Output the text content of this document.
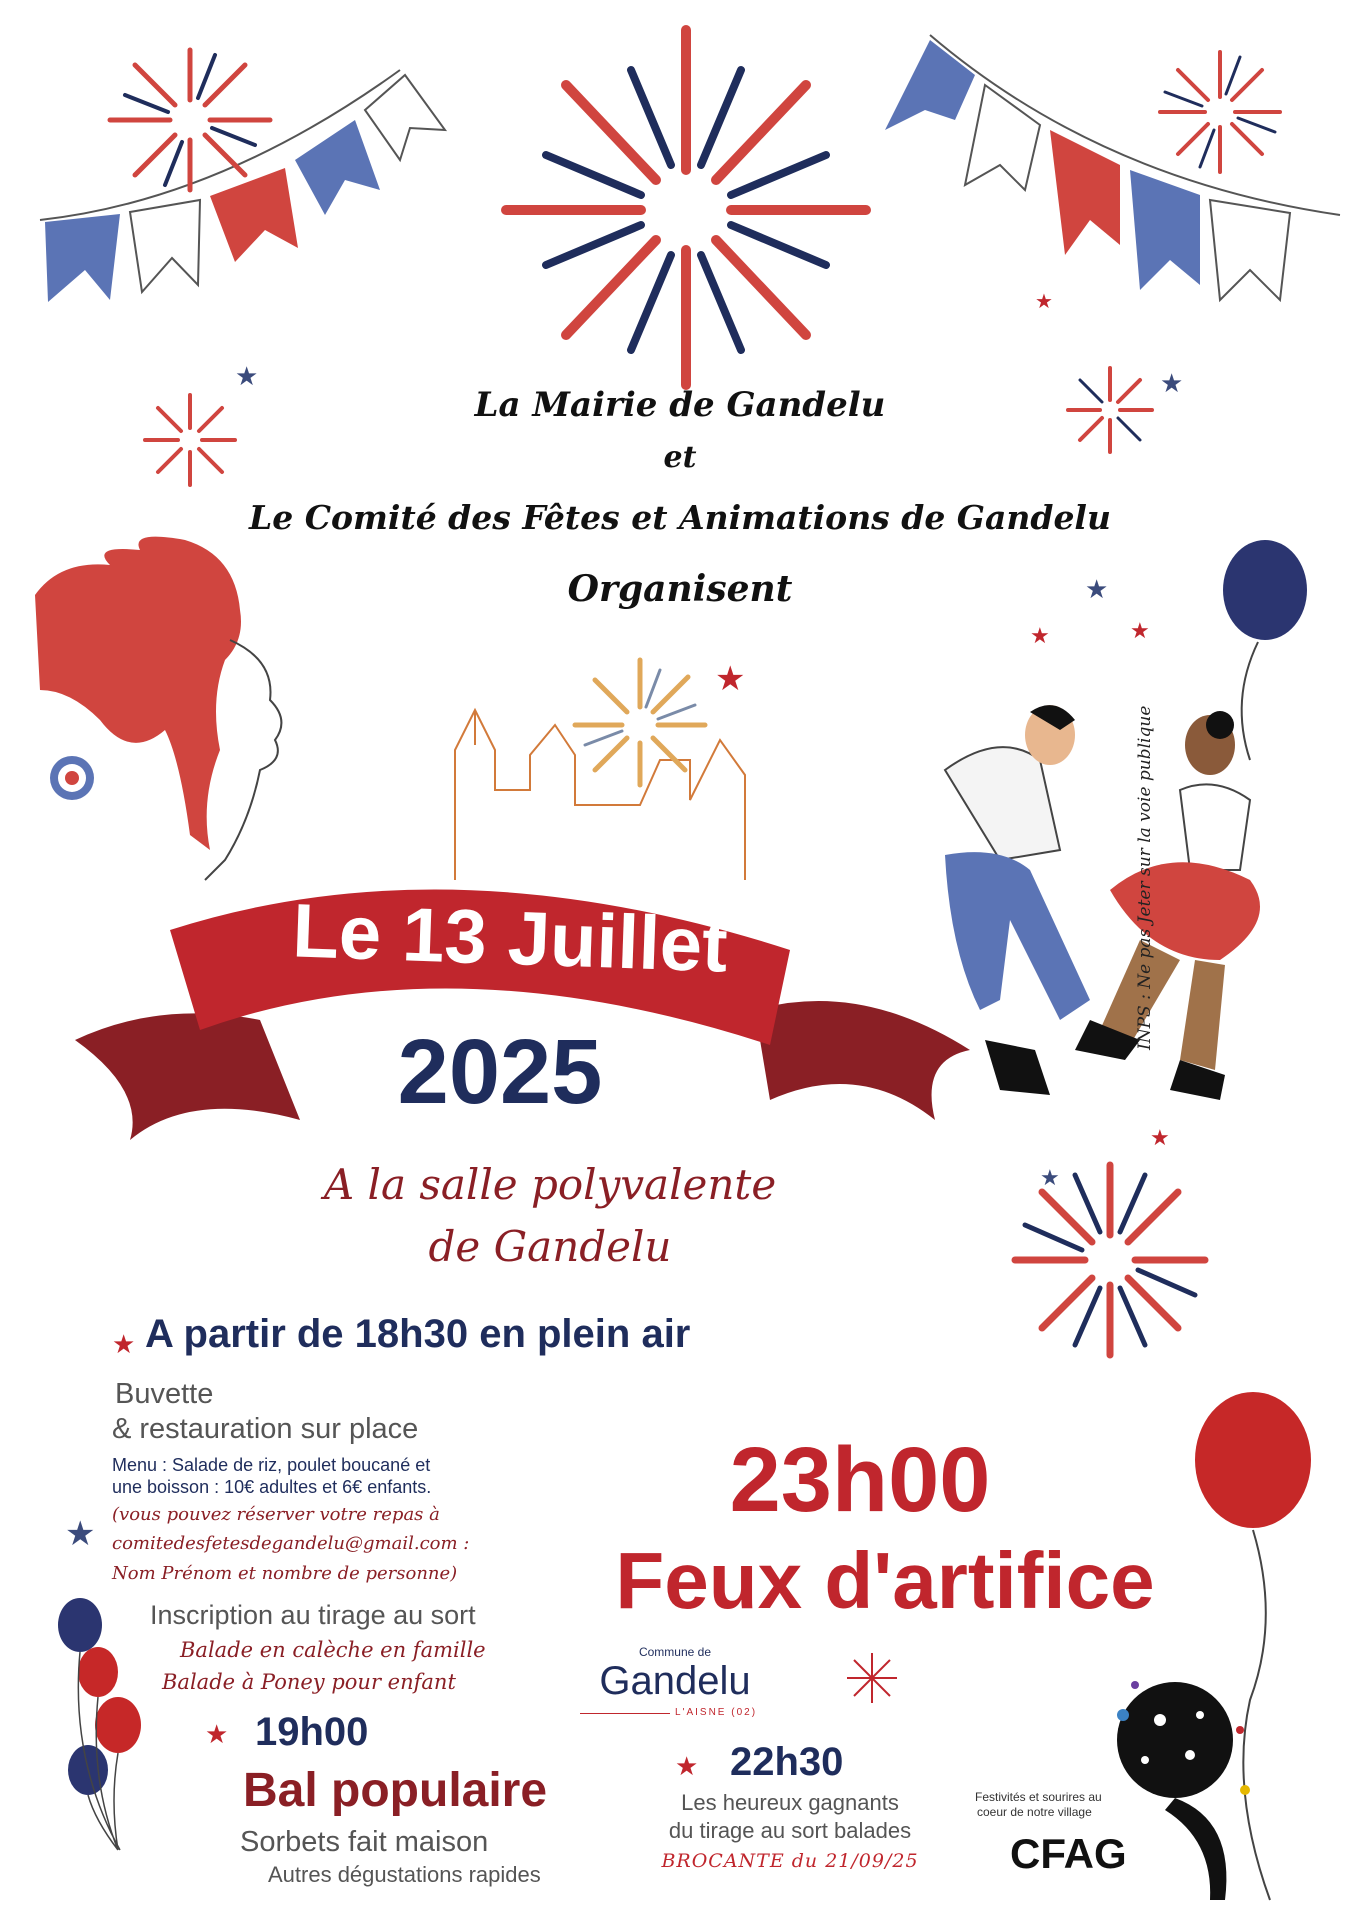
★
★
★
★
★	★
★
★
★
★
La Mairie de Gandelu
et
Le Comité des Fêtes et Animations de Gandelu
Organisent
Le 13 Juillet
2025
A la salle polyvalente
de Gandelu
INPS : Ne pas Jeter sur la voie publique
★ A partir de 18h30 en plein air
Buvette
& restauration sur place
Menu : Salade de riz, poulet boucané et
une boisson : 10€ adultes et 6€ enfants.
(vous pouvez réserver votre repas à
comitedesfetesdegandelu@gmail.com :
Nom Prénom et nombre de personne)
Inscription au tirage au sort
Balade en calèche en famille
Balade à Poney pour enfant
23h00
Feux d'artifice
Commune de
Gandelu
L'AISNE (02)
★ 19h00
Bal populaire
Sorbets fait maison
Autres dégustations rapides
★ 22h30
Les heureux gagnants
du tirage au sort balades
BROCANTE du 21/09/25
Festivités et sourires au
coeur de notre village
CFAG
